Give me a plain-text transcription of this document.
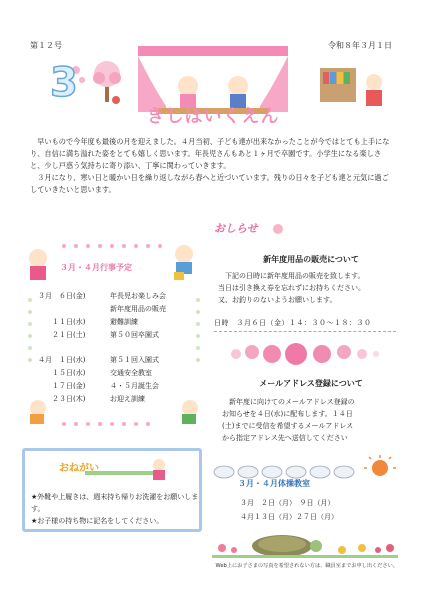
第１２号	令和８年３月１日
3
きしほいくえん

早いもので今年度も最後の月を迎えました。４月当初、子ども達が出来なかったことが今ではとても上手になり、自信に満ち溢れた姿をとても嬉しく思います。年長児さんもあと１ヶ月で卒園です。小学生になる楽しさと、少し戸惑う気持ちに寄り添い、丁寧に関わっていきます。

３月になり、寒い日と暖かい日を繰り返しながら春へと近づいています。残りの日々を子ども達と元気に過ごしていきたいと思います。

３月・４月行事予定
３月　６日(金)	年長児お楽しみ会
新年度用品の販売
　　１１日(水)	避難訓練
　　２１日(土)	第５０回卒園式
４月　１日(水)	第５１回入園式
　　１５日(水)	交通安全教室
　　１７日(金)	４・５月誕生会
　　２３日(木)	お迎え訓練
おねがい
★外靴や上履きは、週末持ち帰りお洗濯をお願いします。
★お子様の持ち物に記名をしてください。
おしらせ
新年度用品の販売について
下記の日時に新年度用品の販売を致します。
当日は引き換え券を忘れずにお持ちください。
又、お釣りのないようお願いします。
日時　３月６日（金）１４：３０～１８：３０
メールアドレス登録について
新年度に向けてのメールアドレス登録の
お知らせを４日(水)に配布します。１４日
(土)までに受信を希望するメールアドレス
から指定アドレス先へ送信してください
３月・４月体操教室
３月　２日（月）　９日（月）
４月１３日（月）２７日（月）
Web上にお子さまの写真を希望されない方は、職員室までお申し出ください。
